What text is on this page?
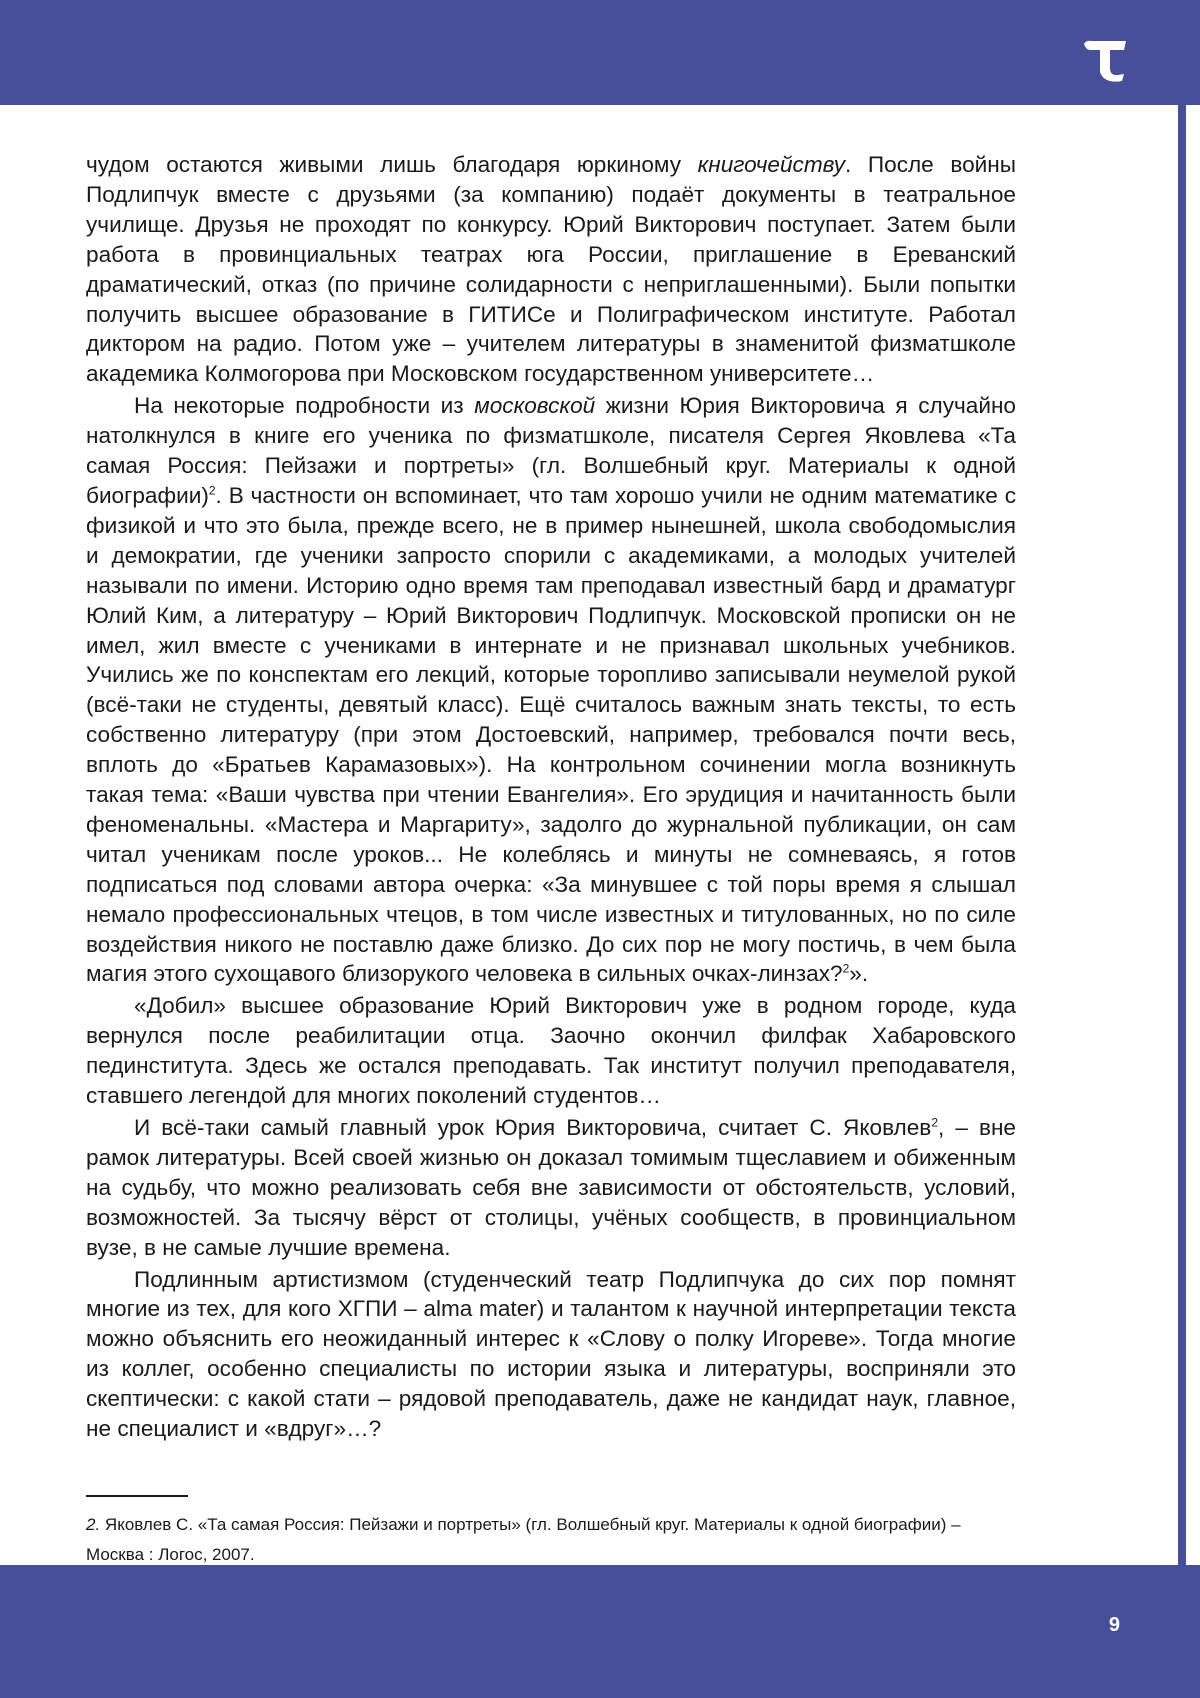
чудом остаются живыми лишь благодаря юркиному книгочейству. После войны Подлипчук вместе с друзьями (за компанию) подаёт документы в театральное училище. Друзья не проходят по конкурсу. Юрий Викторович поступает. Затем были работа в провинциальных театрах юга России, приглашение в Ереванский драматический, отказ (по причине солидарности с неприглашенными). Были попытки получить высшее образование в ГИТИСе и Полиграфическом институте. Работал диктором на радио. Потом уже – учителем литературы в знаменитой физматшколе академика Колмогорова при Московском государственном университете…

На некоторые подробности из московской жизни Юрия Викторовича я случайно натолкнулся в книге его ученика по физматшколе, писателя Сергея Яковлева «Та самая Россия: Пейзажи и портреты» (гл. Волшебный круг. Материалы к одной биографии)$^2$. В частности он вспоминает, что там хорошо учили не одним математике с физикой и что это была, прежде всего, не в пример нынешней, школа свободомыслия и демократии, где ученики запросто спорили с академиками, а молодых учителей называли по имени. Историю одно время там преподавал известный бард и драматург Юлий Ким, а литературу – Юрий Викторович Подлипчук. Московской прописки он не имел, жил вместе с учениками в интернате и не признавал школьных учебников. Учились же по конспектам его лекций, которые торопливо записывали неумелой рукой (всё-таки не студенты, девятый класс). Ещё считалось важным знать тексты, то есть собственно литературу (при этом Достоевский, например, требовался почти весь, вплоть до «Братьев Карамазовых»). На контрольном сочинении могла возникнуть такая тема: «Ваши чувства при чтении Евангелия». Его эрудиция и начитанность были феноменальны. «Мастера и Маргариту», задолго до журнальной публикации, он сам читал ученикам после уроков... Не колеблясь и минуты не сомневаясь, я готов подписаться под словами автора очерка: «За минувшее с той поры время я слышал немало профессиональных чтецов, в том числе известных и титулованных, но по силе воздействия никого не поставлю даже близко. До сих пор не могу постичь, в чем была магия этого сухощавого близорукого человека в сильных очках-линзах?$^2$».

«Добил» высшее образование Юрий Викторович уже в родном городе, куда вернулся после реабилитации отца. Заочно окончил филфак Хабаровского пединститута. Здесь же остался преподавать. Так институт получил преподавателя, ставшего легендой для многих поколений студентов…

И всё-таки самый главный урок Юрия Викторовича, считает С. Яковлев$^2$, – вне рамок литературы. Всей своей жизнью он доказал томимым тщеславием и обиженным на судьбу, что можно реализовать себя вне зависимости от обстоятельств, условий, возможностей. За тысячу вёрст от столицы, учёных сообществ, в провинциальном вузе, в не самые лучшие времена.

Подлинным артистизмом (студенческий театр Подлипчука до сих пор помнят многие из тех, для кого ХГПИ – alma mater) и талантом к научной интерпретации текста можно объяснить его неожиданный интерес к «Слову о полку Игореве». Тогда многие из коллег, особенно специалисты по истории языка и литературы, восприняли это скептически: с какой стати – рядовой преподаватель, даже не кандидат наук, главное, не специалист и «вдруг»…?

2. Яковлев С. «Та самая Россия: Пейзажи и портреты» (гл. Волшебный круг. Материалы к одной биографии) – Москва : Логос, 2007.

9
